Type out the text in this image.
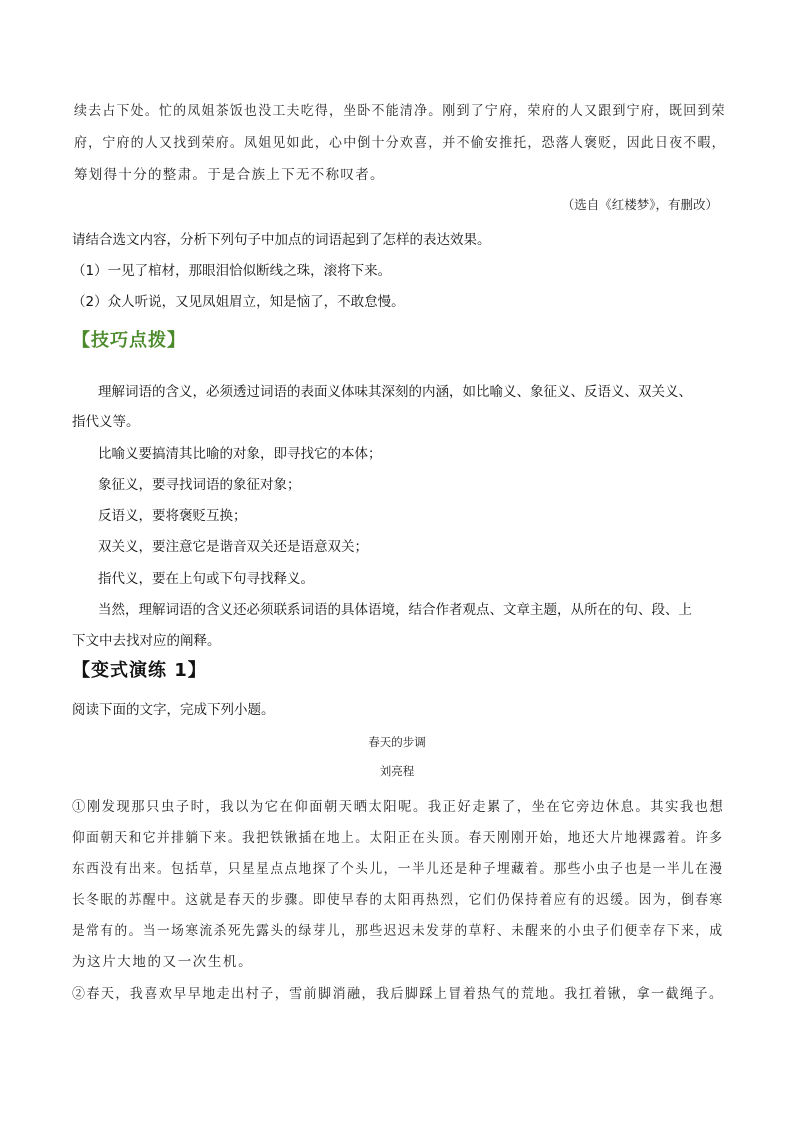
续去占下处。忙的凤姐茶饭也没工夫吃得，坐卧不能清净。刚到了宁府，荣府的人又跟到宁府，既回到荣
府，宁府的人又找到荣府。凤姐见如此，心中倒十分欢喜，并不偷安推托，恐落人褒贬，因此日夜不暇，
筹划得十分的整肃。于是合族上下无不称叹者。
（选自《红楼梦》，有删改）
请结合选文内容，分析下列句子中加点的词语起到了怎样的表达效果。
（1）一见了棺材，那眼泪恰似断线之珠，滚将下来。
（2）众人听说，又见凤姐眉立，知是恼了，不敢怠慢。
【技巧点拨】
理解词语的含义，必须透过词语的表面义体味其深刻的内涵，如比喻义、象征义、反语义、双关义、
指代义等。
比喻义要搞清其比喻的对象，即寻找它的本体；
象征义，要寻找词语的象征对象；
反语义，要将褒贬互换；
双关义，要注意它是谐音双关还是语意双关；
指代义，要在上句或下句寻找释义。
当然，理解词语的含义还必须联系词语的具体语境，结合作者观点、文章主题，从所在的句、段、上
下文中去找对应的阐释。
【变式演练 1】
阅读下面的文字，完成下列小题。
春天的步调
刘亮程
①刚发现那只虫子时，我以为它在仰面朝天晒太阳呢。我正好走累了，坐在它旁边休息。其实我也想
仰面朝天和它并排躺下来。我把铁锹插在地上。太阳正在头顶。春天刚刚开始，地还大片地裸露着。许多
东西没有出来。包括草，只星星点点地探了个头儿，一半儿还是种子埋藏着。那些小虫子也是一半儿在漫
长冬眠的苏醒中。这就是春天的步骤。即使早春的太阳再热烈，它们仍保持着应有的迟缓。因为，倒春寒
是常有的。当一场寒流杀死先露头的绿芽儿，那些迟迟未发芽的草籽、未醒来的小虫子们便幸存下来，成
为这片大地的又一次生机。
②春天，我喜欢早早地走出村子，雪前脚消融，我后脚踩上冒着热气的荒地。我扛着锹，拿一截绳子。
